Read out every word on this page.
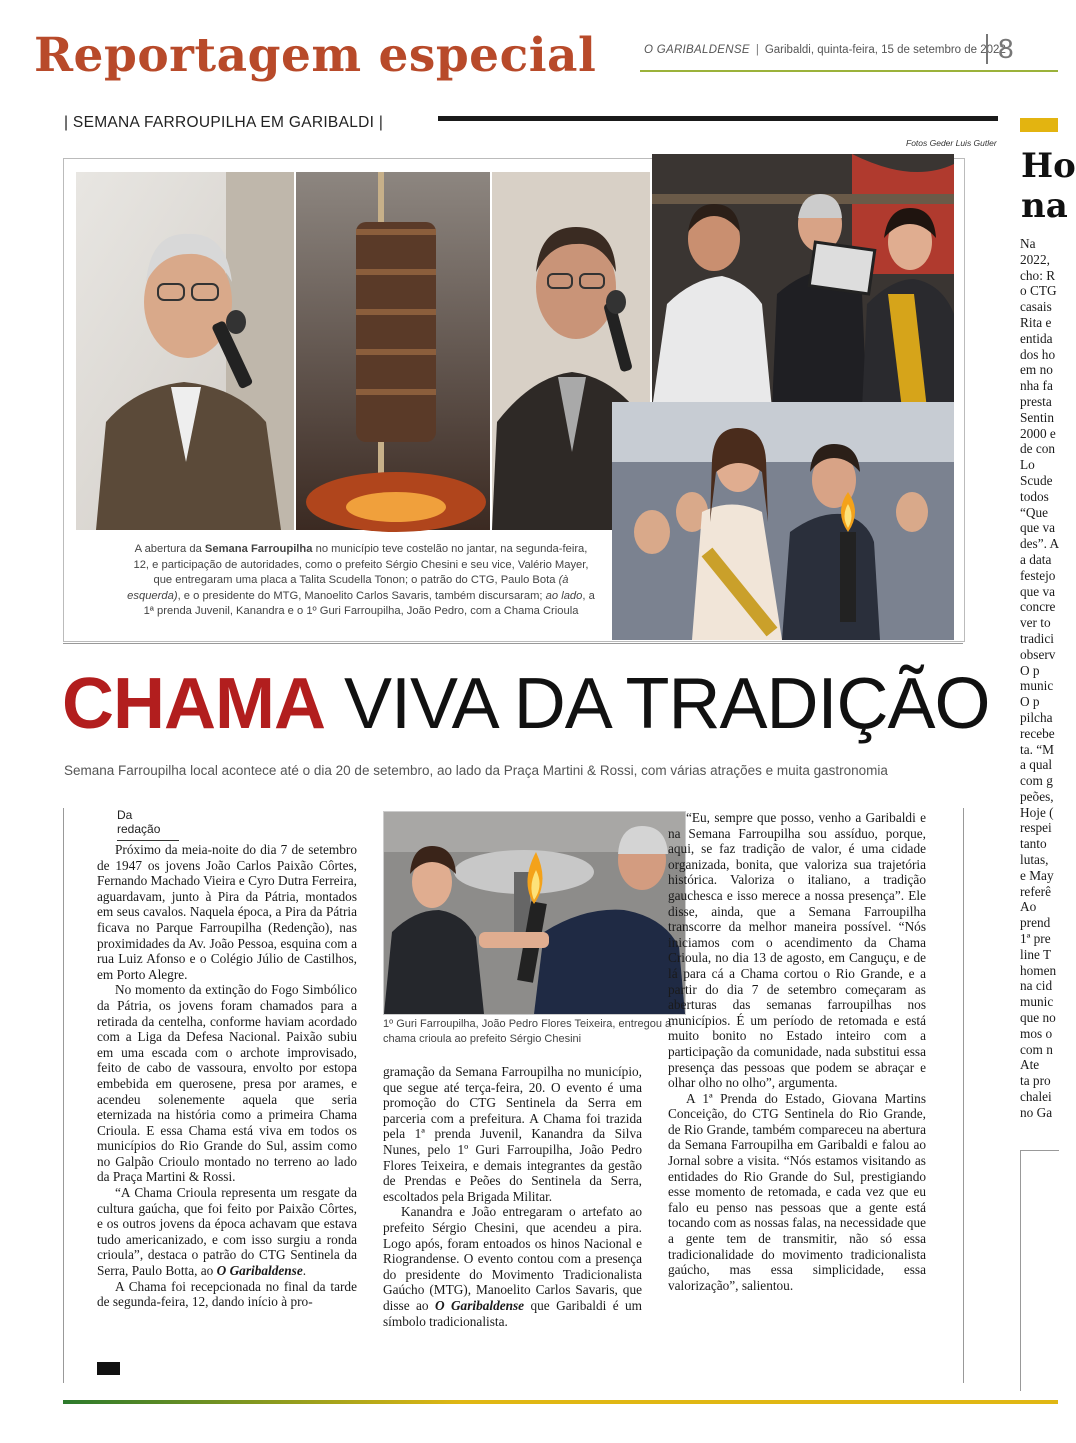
Reportagem especial	O GARIBALDENSE | Garibaldi, quinta-feira, 15 de setembro de 2022
8
| SEMANA FARROUPILHA EM GARIBALDI |
Fotos Geder Luis Gutler
A abertura da Semana Farroupilha no município teve costelão no jantar, na segunda-feira, 12, e participação de autoridades, como o prefeito Sérgio Chesini e seu vice, Valério Mayer, que entregaram uma placa a Talita Scudella Tonon; o patrão do CTG, Paulo Bota (à esquerda), e o presidente do MTG, Manoelito Carlos Savaris, também discursaram; ao lado, a 1ª prenda Juvenil, Kanandra e o 1º Guri Farroupilha, João Pedro, com a Chama Crioula
CHAMA VIVA DA TRADIÇÃO
Semana Farroupilha local acontece até o dia 20 de setembro, ao lado da Praça Martini & Rossi, com várias atrações e muita gastronomia
Da redação

Próximo da meia-noite do dia 7 de setembro de 1947 os jovens João Carlos Paixão Côrtes, Fernando Machado Vieira e Cyro Dutra Ferreira, aguardavam, junto à Pira da Pátria, montados em seus cavalos. Naquela época, a Pira da Pátria ficava no Parque Farroupilha (Redenção), nas proximidades da Av. João Pessoa, esquina com a rua Luiz Afonso e o Colégio Júlio de Castilhos, em Porto Alegre.

No momento da extinção do Fogo Simbólico da Pátria, os jovens foram chamados para a retirada da centelha, conforme haviam acordado com a Liga da Defesa Nacional. Paixão subiu em uma escada com o archote improvisado, feito de cabo de vassoura, envolto por estopa embebida em querosene, presa por arames, e acendeu solenemente aquela que seria eternizada na história como a primeira Chama Crioula. E essa Chama está viva em todos os municípios do Rio Grande do Sul, assim como no Galpão Crioulo montado no terreno ao lado da Praça Martini & Rossi.

“A Chama Crioula representa um resgate da cultura gaúcha, que foi feito por Paixão Côrtes, e os outros jovens da época achavam que estava tudo americanizado, e com isso surgiu a ronda crioula”, destaca o patrão do CTG Sentinela da Serra, Paulo Botta, ao O Garibaldense.

A Chama foi recepcionada no final da tarde de segunda-feira, 12, dando início à pro-

1º Guri Farroupilha, João Pedro Flores Teixeira, entregou a chama crioula ao prefeito Sérgio Chesini

gramação da Semana Farroupilha no município, que segue até terça-feira, 20. O evento é uma promoção do CTG Sentinela da Serra em parceria com a prefeitura. A Chama foi trazida pela 1ª prenda Juvenil, Kanandra da Silva Nunes, pelo 1º Guri Farroupilha, João Pedro Flores Teixeira, e demais integrantes da gestão de Prendas e Peões do Sentinela da Serra, escoltados pela Brigada Militar.

Kanandra e João entregaram o artefato ao prefeito Sérgio Chesini, que acendeu a pira. Logo após, foram entoados os hinos Nacional e Riograndense. O evento contou com a presença do presidente do Movimento Tradicionalista Gaúcho (MTG), Manoelito Carlos Savaris, que disse ao O Garibaldense que Garibaldi é um símbolo tradicionalista.

“Eu, sempre que posso, venho a Garibaldi e na Semana Farroupilha sou assíduo, porque, aqui, se faz tradição de valor, é uma cidade organizada, bonita, que valoriza sua trajetória histórica. Valoriza o italiano, a tradição gauchesca e isso merece a nossa presença”. Ele disse, ainda, que a Semana Farroupilha transcorre da melhor maneira possível. “Nós iniciamos com o acendimento da Chama Crioula, no dia 13 de agosto, em Canguçu, e de lá para cá a Chama cortou o Rio Grande, e a partir do dia 7 de setembro começaram as aberturas das semanas farroupilhas nos municípios. É um período de retomada e está muito bonito no Estado inteiro com a participação da comunidade, nada substitui essa presença das pessoas que podem se abraçar e olhar olho no olho”, argumenta.

A 1ª Prenda do Estado, Giovana Martins Conceição, do CTG Sentinela do Rio Grande, de Rio Grande, também compareceu na abertura da Semana Farroupilha em Garibaldi e falou ao Jornal sobre a visita. “Nós estamos visitando as entidades do Rio Grande do Sul, prestigiando esse momento de retomada, e cada vez que eu falo eu penso nas pessoas que a gente está tocando com as nossas falas, na necessidade que a gente tem de transmitir, não só essa tradicionalidade do movimento tradicionalista gaúcho, mas essa simplicidade, essa valorização”, salientou.

Ho
na
Na
2022,
cho: R
o CTG
casais
Rita e
entida
dos ho
em no
nha fa
presta
Sentin
2000 e
de con
Lo
Scude
todos
“Que
que va
des”. A
a data
festejo
que va
concre
ver to
tradici
observ
O p
munic
O p
pilcha
recebe
ta. “M
a qual
com g
peões,
Hoje (
respei
tanto
lutas,
e May
referê
Ao
prend
1ª pre
line T
homen
na cid
munic
que no
mos o
com n
Ate
ta pro
chalei
no Ga
